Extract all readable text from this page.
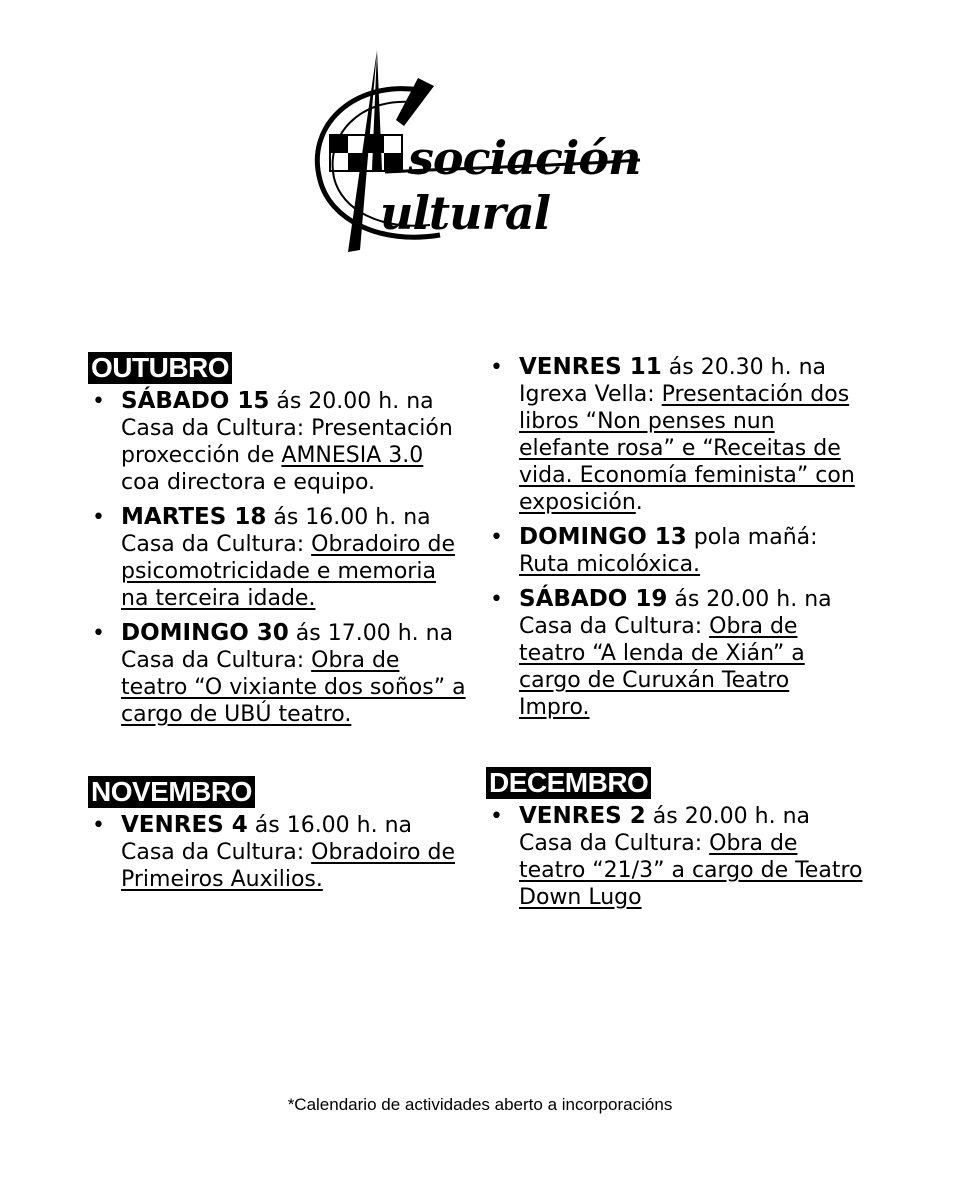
sociación
ultural
OUTUBRO
• SÁBADO 15 ás 20.00 h. na Casa da Cultura: Presentación proxección de AMNESIA 3.0 coa directora e equipo.
• MARTES 18 ás 16.00 h. na Casa da Cultura: Obradoiro de psicomotricidade e memoria na terceira idade.
• DOMINGO 30 ás 17.00 h. na Casa da Cultura: Obra de teatro “O vixiante dos soños” a cargo de UBÚ teatro.
NOVEMBRO
• VENRES 4 ás 16.00 h. na Casa da Cultura: Obradoiro de Primeiros Auxilios.
• VENRES 11 ás 20.30 h. na Igrexa Vella: Presentación dos libros “Non penses nun elefante rosa” e “Receitas de vida. Economía feminista” con exposición.
• DOMINGO 13 pola mañá: Ruta micolóxica.
• SÁBADO 19 ás 20.00 h. na Casa da Cultura: Obra de teatro “A lenda de Xián” a cargo de Curuxán Teatro Impro.
DECEMBRO
• VENRES 2 ás 20.00 h. na Casa da Cultura: Obra de teatro “21/3” a cargo de Teatro Down Lugo
*Calendario de actividades aberto a incorporacións
